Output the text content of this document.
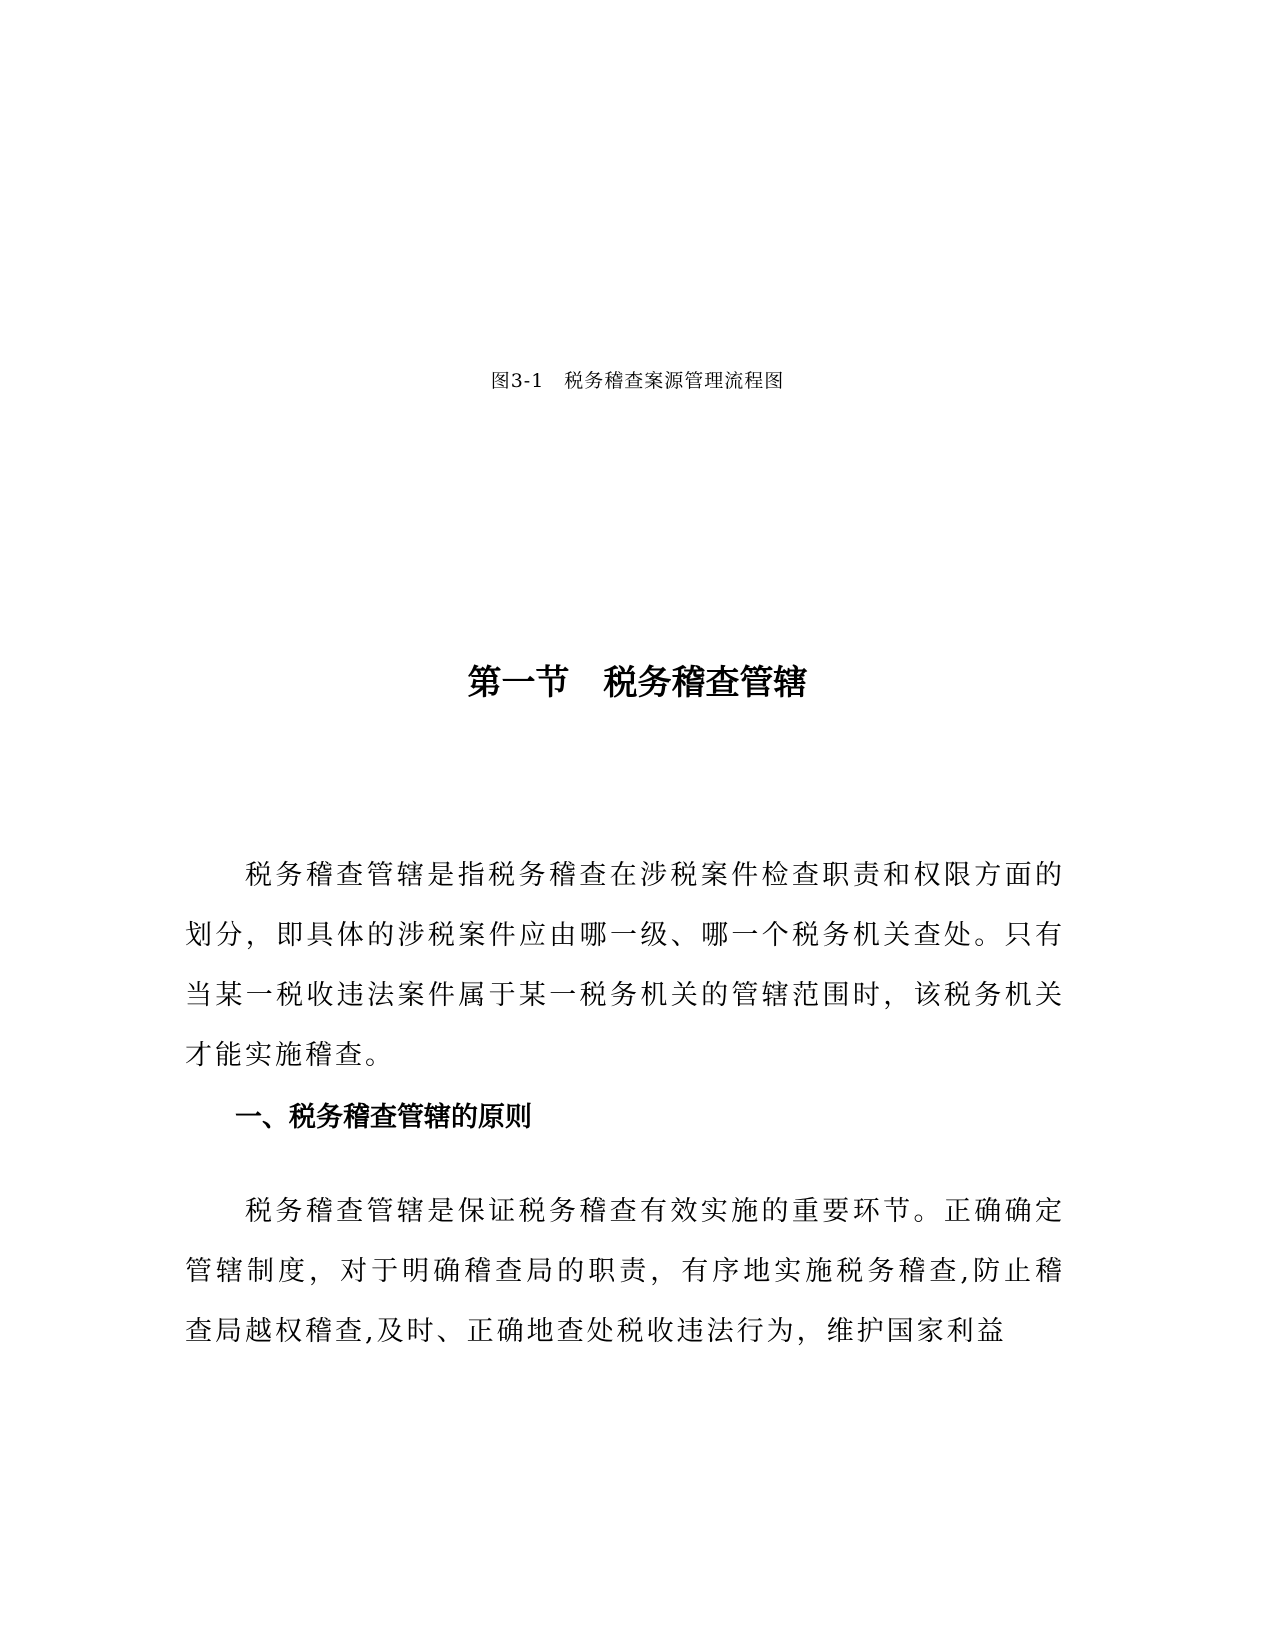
图3-1　税务稽查案源管理流程图
第一节　税务稽查管辖

税务稽查管辖是指税务稽查在涉税案件检查职责和权限方面的划分，即具体的涉税案件应由哪一级、哪一个税务机关查处。只有当某一税收违法案件属于某一税务机关的管辖范围时，该税务机关才能实施稽查。

一、税务稽查管辖的原则

税务稽查管辖是保证税务稽查有效实施的重要环节。正确确定管辖制度，对于明确稽查局的职责，有序地实施税务稽查,防止稽查局越权稽查,及时、正确地查处税收违法行为，维护国家利益
